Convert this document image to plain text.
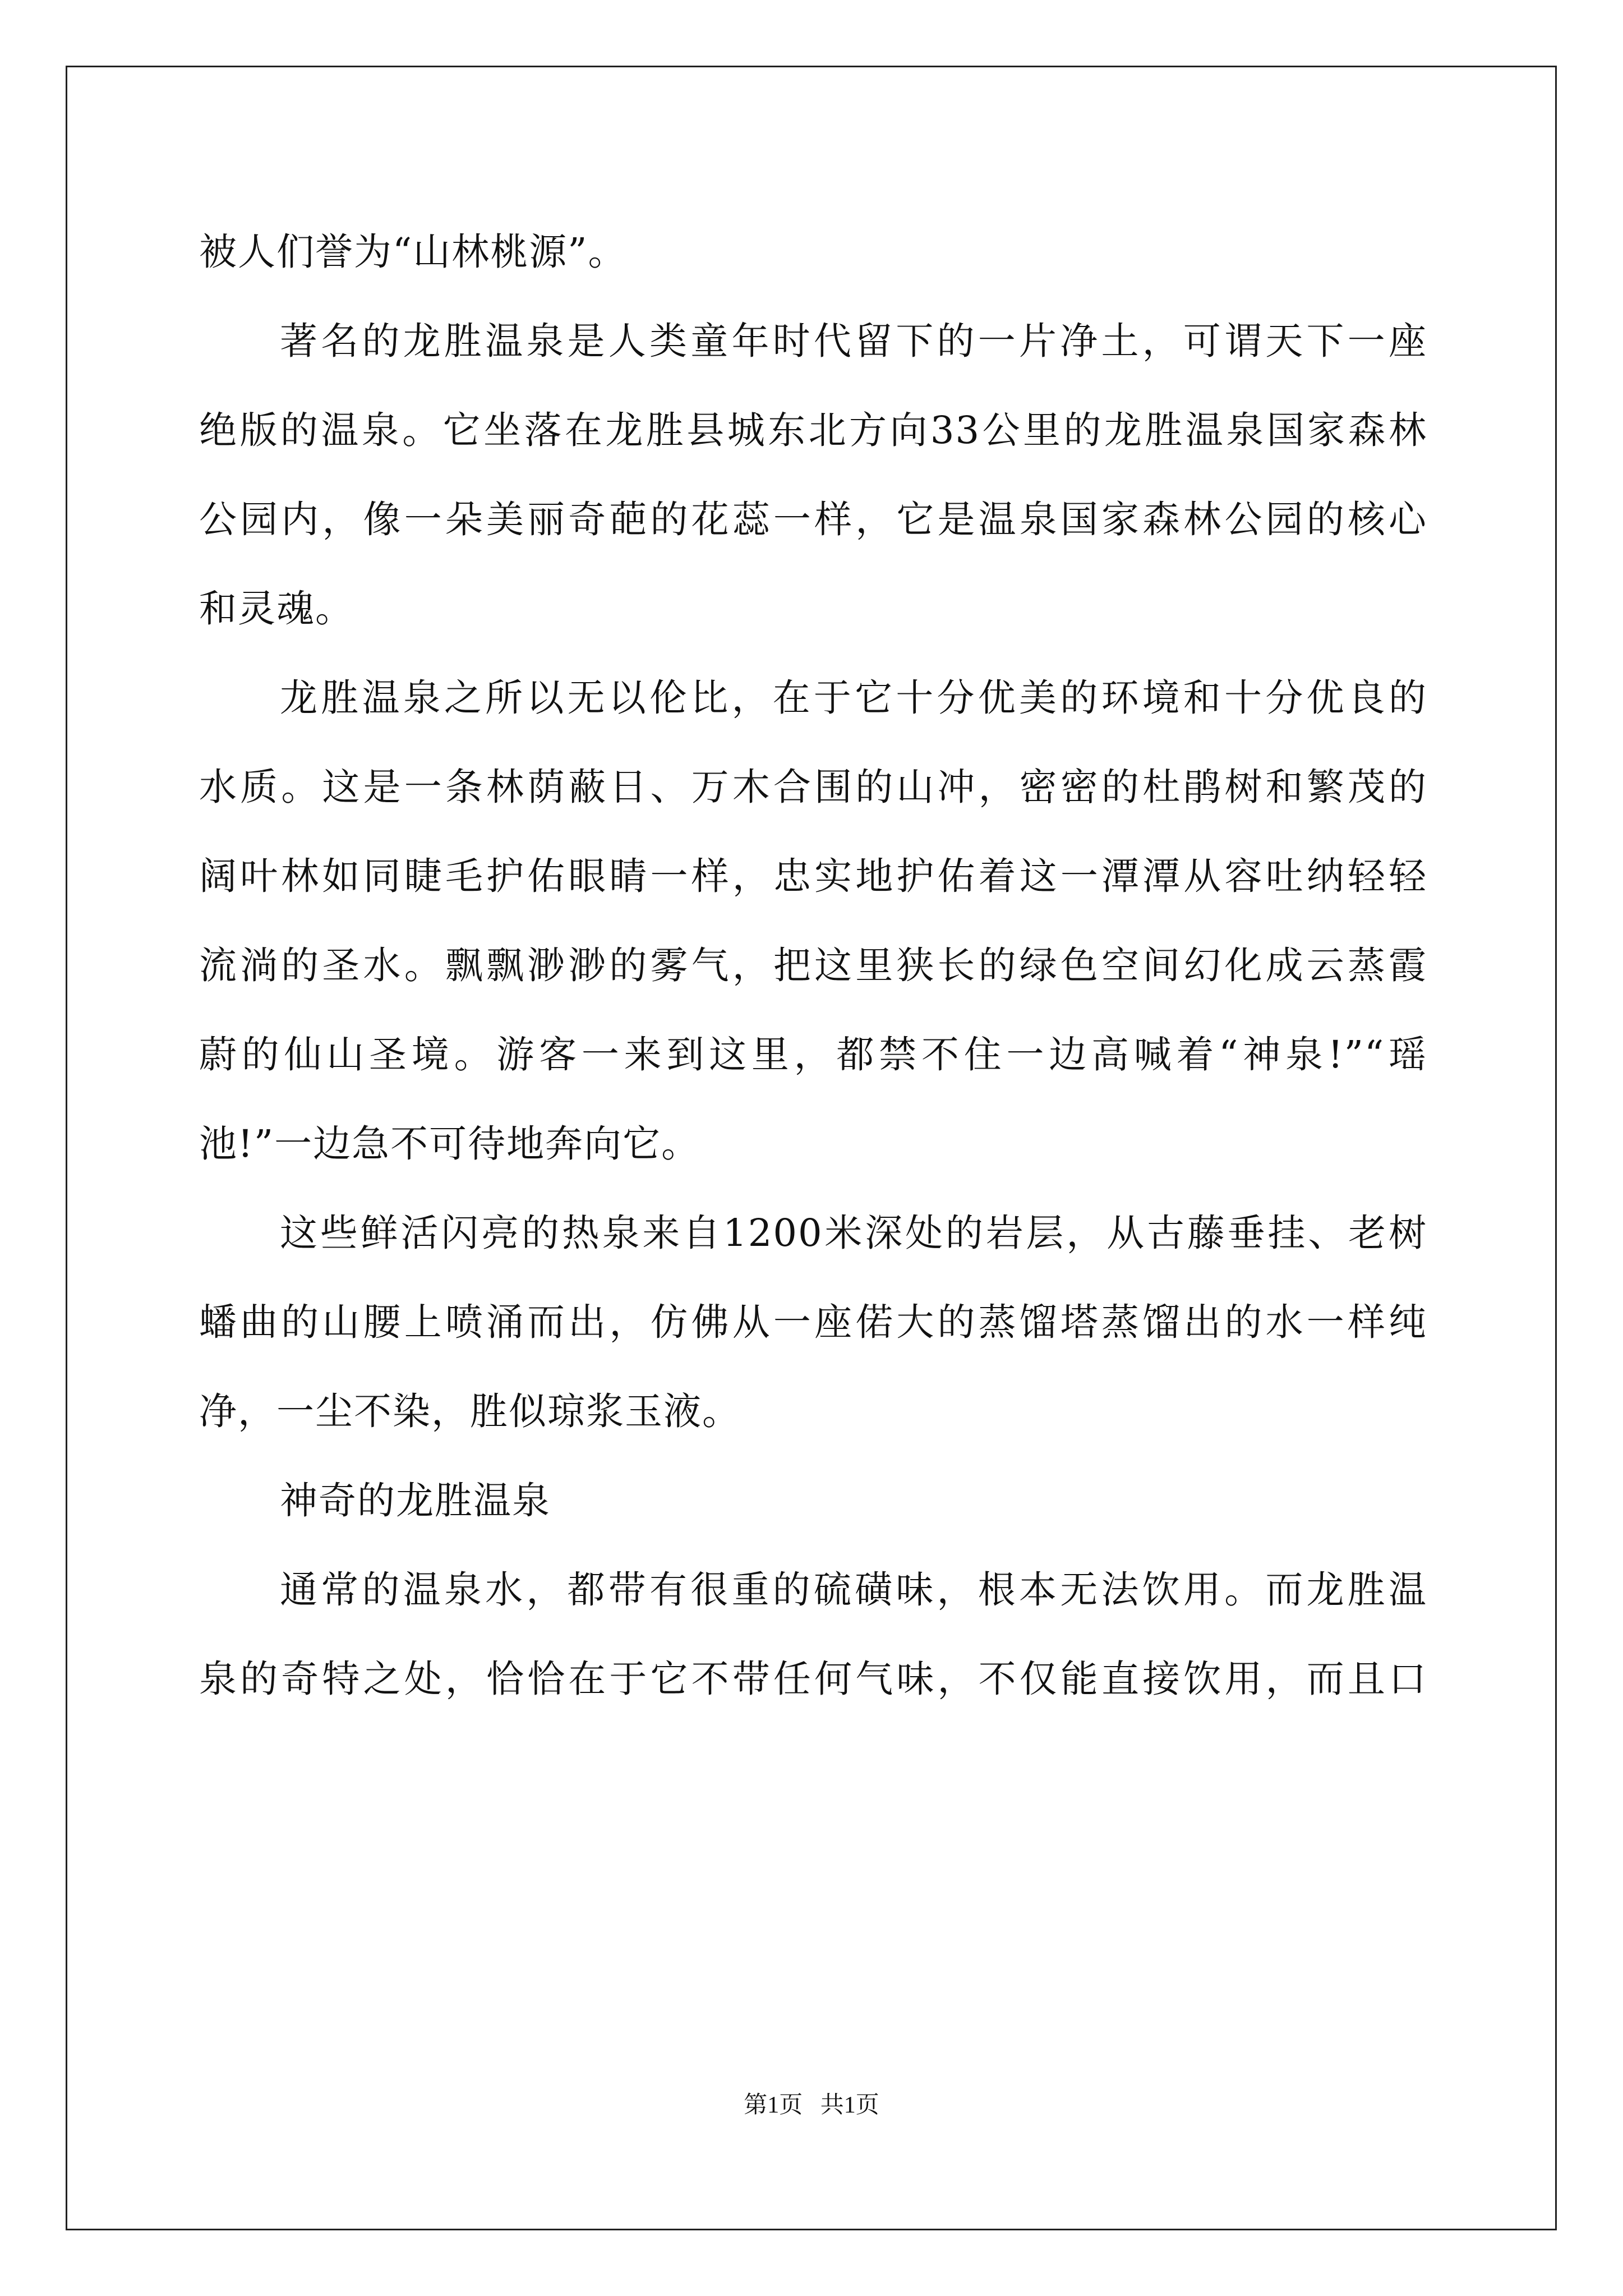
被人们誉为“山林桃源”。
著名的龙胜温泉是人类童年时代留下的一片净土，可谓天下一座
绝版的温泉。它坐落在龙胜县城东北方向33公里的龙胜温泉国家森林
公园内，像一朵美丽奇葩的花蕊一样，它是温泉国家森林公园的核心
和灵魂。
龙胜温泉之所以无以伦比，在于它十分优美的环境和十分优良的
水质。这是一条林荫蔽日、万木合围的山冲，密密的杜鹃树和繁茂的
阔叶林如同睫毛护佑眼睛一样，忠实地护佑着这一潭潭从容吐纳轻轻
流淌的圣水。飘飘渺渺的雾气，把这里狭长的绿色空间幻化成云蒸霞
蔚的仙山圣境。游客一来到这里，都禁不住一边高喊着“神泉!”“瑶
池!”一边急不可待地奔向它。
这些鲜活闪亮的热泉来自1200米深处的岩层，从古藤垂挂、老树
蟠曲的山腰上喷涌而出，仿佛从一座偌大的蒸馏塔蒸馏出的水一样纯
净，一尘不染，胜似琼浆玉液。
神奇的龙胜温泉
通常的温泉水，都带有很重的硫磺味，根本无法饮用。而龙胜温
泉的奇特之处，恰恰在于它不带任何气味，不仅能直接饮用，而且口
第1页   共1页
